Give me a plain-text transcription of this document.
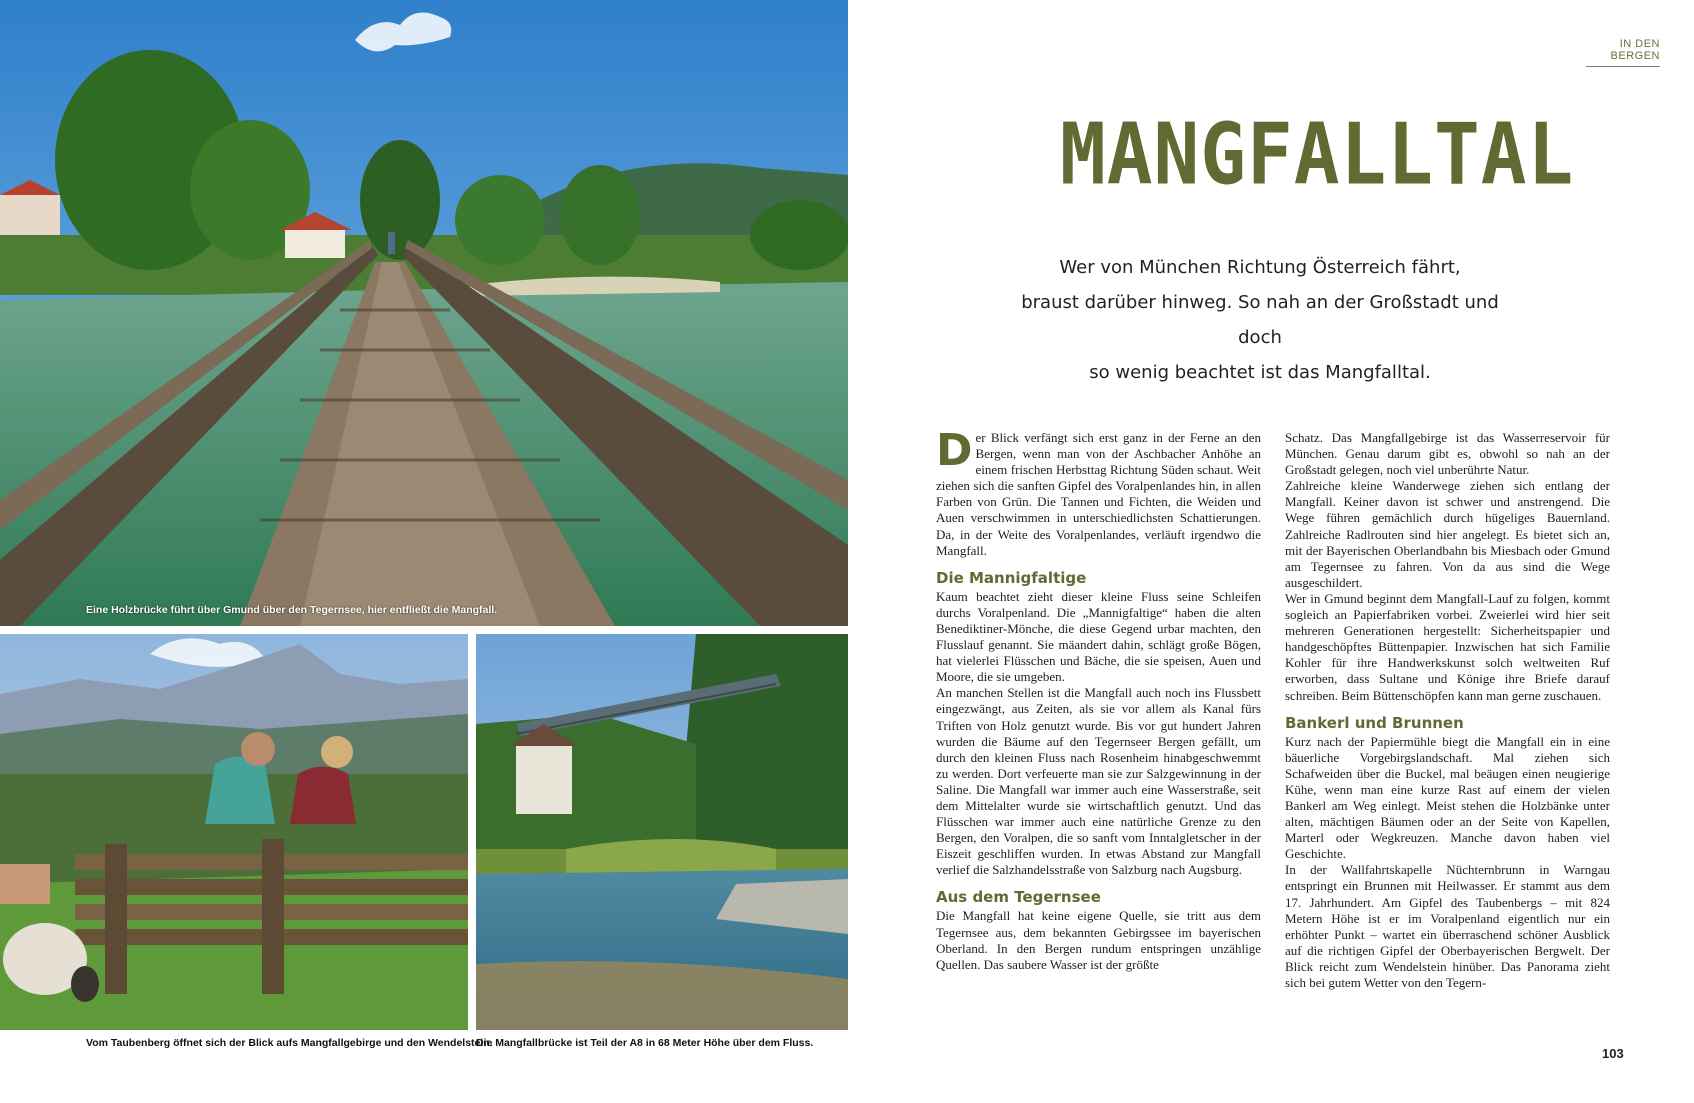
Eine Holzbrücke führt über Gmund über den Tegernsee, hier entfließt die Mangfall.
Vom Taubenberg öffnet sich der Blick aufs Mangfallgebirge und den Wendelstein.
Die Mangfallbrücke ist Teil der A8 in 68 Meter Höhe über dem Fluss.
IN DEN BERGEN
MANGFALLTAL
Wer von München Richtung Österreich fährt,
braust darüber hinweg. So nah an der Großstadt und doch
so wenig beachtet ist das Mangfalltal.
D er Blick verfängt sich erst ganz in der Ferne an den Bergen, wenn man von der Aschbacher Anhöhe an einem frischen Herbsttag Richtung Süden schaut. Weit ziehen sich die sanften Gipfel des Voralpenlandes hin, in allen Farben von Grün. Die Tannen und Fichten, die Weiden und Auen verschwimmen in unterschiedlichsten Schattierungen. Da, in der Weite des Voralpenlandes, verläuft irgendwo die Mangfall.

Die Mannigfaltige

Kaum beachtet zieht dieser kleine Fluss seine Schleifen durchs Voralpenland. Die „Mannigfaltige“ haben die alten Benediktiner-Mönche, die diese Gegend urbar machten, den Flusslauf genannt. Sie mäandert dahin, schlägt große Bögen, hat vielerlei Flüsschen und Bäche, die sie speisen, Auen und Moore, die sie umgeben.

An manchen Stellen ist die Mangfall auch noch ins Flussbett eingezwängt, aus Zeiten, als sie vor allem als Kanal fürs Triften von Holz genutzt wurde. Bis vor gut hundert Jahren wurden die Bäume auf den Tegernseer Bergen gefällt, um durch den kleinen Fluss nach Rosenheim hinabgeschwemmt zu werden. Dort verfeuerte man sie zur Salzgewinnung in der Saline. Die Mangfall war immer auch eine Wasserstraße, seit dem Mittelalter wurde sie wirtschaftlich genutzt. Und das Flüsschen war immer auch eine natürliche Grenze zu den Bergen, den Voralpen, die so sanft vom Inntalgletscher in der Eiszeit geschliffen wurden. In etwas Abstand zur Mangfall verlief die Salzhandelsstraße von Salzburg nach Augsburg.

Aus dem Tegernsee

Die Mangfall hat keine eigene Quelle, sie tritt aus dem Tegernsee aus, dem bekannten Gebirgssee im bayerischen Oberland. In den Bergen rundum entspringen unzählige Quellen. Das saubere Wasser ist der größte

Schatz. Das Mangfallgebirge ist das Wasserreservoir für München. Genau darum gibt es, obwohl so nah an der Großstadt gelegen, noch viel unberührte Natur.

Zahlreiche kleine Wanderwege ziehen sich entlang der Mangfall. Keiner davon ist schwer und anstrengend. Die Wege führen gemächlich durch hügeliges Bauernland. Zahlreiche Radlrouten sind hier angelegt. Es bietet sich an, mit der Bayerischen Oberlandbahn bis Miesbach oder Gmund am Tegernsee zu fahren. Von da aus sind die Wege ausgeschildert.

Wer in Gmund beginnt dem Mangfall-Lauf zu folgen, kommt sogleich an Papierfabriken vorbei. Zweierlei wird hier seit mehreren Generationen hergestellt: Sicherheitspapier und handgeschöpftes Büttenpapier. Inzwischen hat sich Familie Kohler für ihre Handwerkskunst solch weltweiten Ruf erworben, dass Sultane und Könige ihre Briefe darauf schreiben. Beim Büttenschöpfen kann man gerne zuschauen.

Bankerl und Brunnen

Kurz nach der Papiermühle biegt die Mangfall ein in eine bäuerliche Vorgebirgslandschaft. Mal ziehen sich Schafweiden über die Buckel, mal beäugen einen neugierige Kühe, wenn man eine kurze Rast auf einem der vielen Bankerl am Weg einlegt. Meist stehen die Holzbänke unter alten, mächtigen Bäumen oder an der Seite von Kapellen, Marterl oder Wegkreuzen. Manche davon haben viel Geschichte.

In der Wallfahrtskapelle Nüchternbrunn in Warngau entspringt ein Brunnen mit Heilwasser. Er stammt aus dem 17. Jahrhundert. Am Gipfel des Taubenbergs – mit 824 Metern Höhe ist er im Voralpenland eigentlich nur ein erhöhter Punkt – wartet ein überraschend schöner Ausblick auf die richtigen Gipfel der Oberbayerischen Bergwelt. Der Blick reicht zum Wendelstein hinüber. Das Panorama zieht sich bei gutem Wetter von den Tegern-

103
